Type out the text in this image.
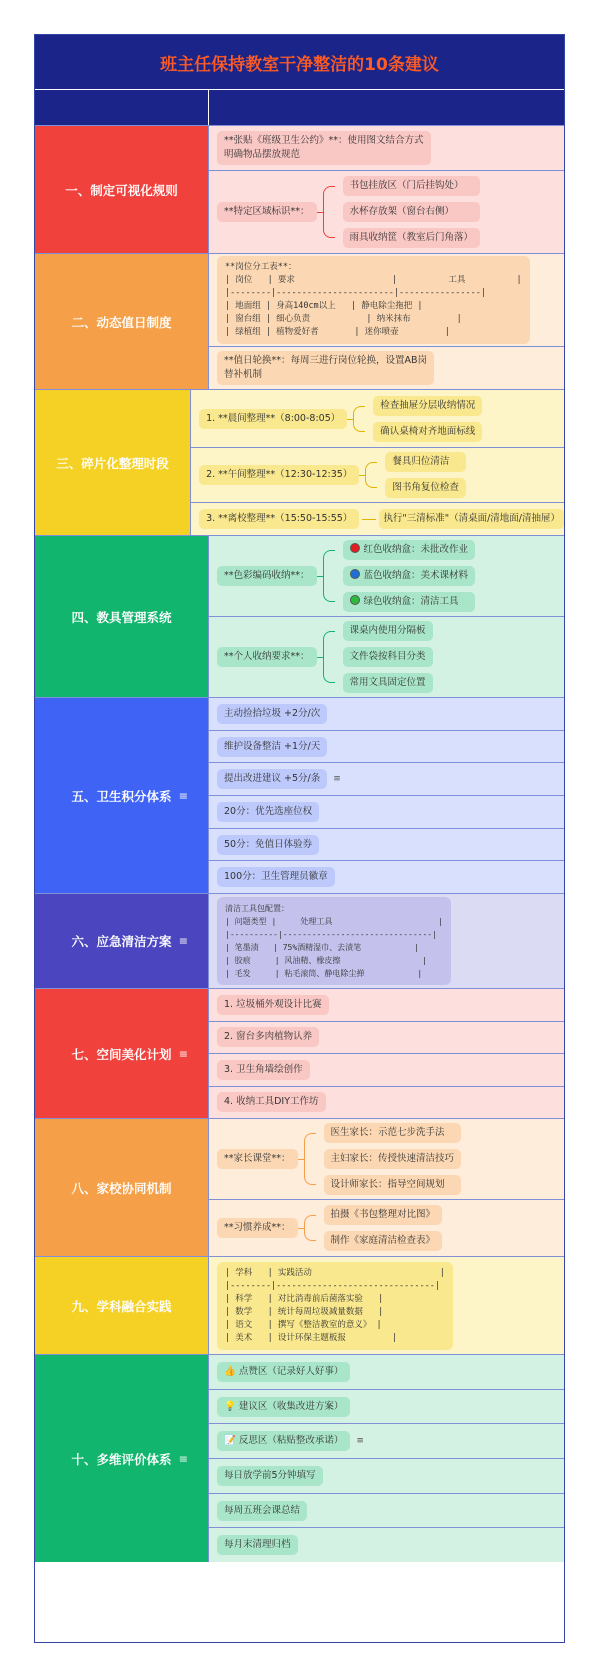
班主任保持教室干净整洁的10条建议
一、制定可视化规则
**张贴《班级卫生公约》**：使用图文结合方式
明确物品摆放规范
**特定区域标识**：
书包挂放区（门后挂钩处）
水杯存放架（窗台右侧）
雨具收纳筐（教室后门角落）
二、动态值日制度
**岗位分工表**：
| 岗位   | 要求                   |          工具          |
|--------|-----------------------|----------------|
| 地面组 | 身高140cm以上   | 静电除尘拖把 |
| 窗台组 | 细心负责           | 纳米抹布         |
| 绿植组 | 植物爱好者       | 迷你喷壶         |
**值日轮换**：每周三进行岗位轮换，设置AB岗
替补机制
三、碎片化整理时段
1. **晨间整理**（8:00-8:05）
检查抽屉分层收纳情况
确认桌椅对齐地面标线
2. **午间整理**（12:30-12:35）
餐具归位清洁
图书角复位检查
3. **离校整理**（15:50-15:55）	执行"三清标准"（清桌面/清地面/清抽屉）
四、教具管理系统
**色彩编码收纳**：
红色收纳盒：未批改作业
蓝色收纳盒：美术课材料
绿色收纳盒：清洁工具
**个人收纳要求**：
课桌内使用分隔板
文件袋按科目分类
常用文具固定位置
五、卫生积分体系 ≡
主动捡拾垃圾 +2分/次
维护设备整洁 +1分/天
提出改进建议 +5分/条	≡
20分：优先选座位权
50分：免值日体验券
100分：卫生管理员徽章
六、应急清洁方案 ≡
清洁工具包配置：
| 问题类型 |     处理工具                      |
|----------|-------------------------------|
| 笔墨渍   | 75%酒精湿巾、去渍笔           |
| 胶痕     | 风油精、橡皮擦                 |
| 毛发     | 粘毛滚筒、静电除尘掸           |
七、空间美化计划 ≡
1. 垃圾桶外观设计比赛
2. 窗台多肉植物认养
3. 卫生角墙绘创作
4. 收纳工具DIY工作坊
八、家校协同机制
**家长课堂**：
医生家长：示范七步洗手法
主妇家长：传授快速清洁技巧
设计师家长：指导空间规划
**习惯养成**：
拍摄《书包整理对比图》
制作《家庭清洁检查表》
九、学科融合实践
| 学科   | 实践活动                         |
|--------|-------------------------------|
| 科学   | 对比消毒前后菌落实验   |
| 数学   | 统计每周垃圾减量数据   |
| 语文   | 撰写《整洁教室的意义》 |
| 美术   | 设计环保主题板报         |
十、多维评价体系 ≡
👍 点赞区（记录好人好事）
💡 建议区（收集改进方案）
📝 反思区（粘贴整改承诺）	≡
每日放学前5分钟填写
每周五班会课总结
每月末清理归档
